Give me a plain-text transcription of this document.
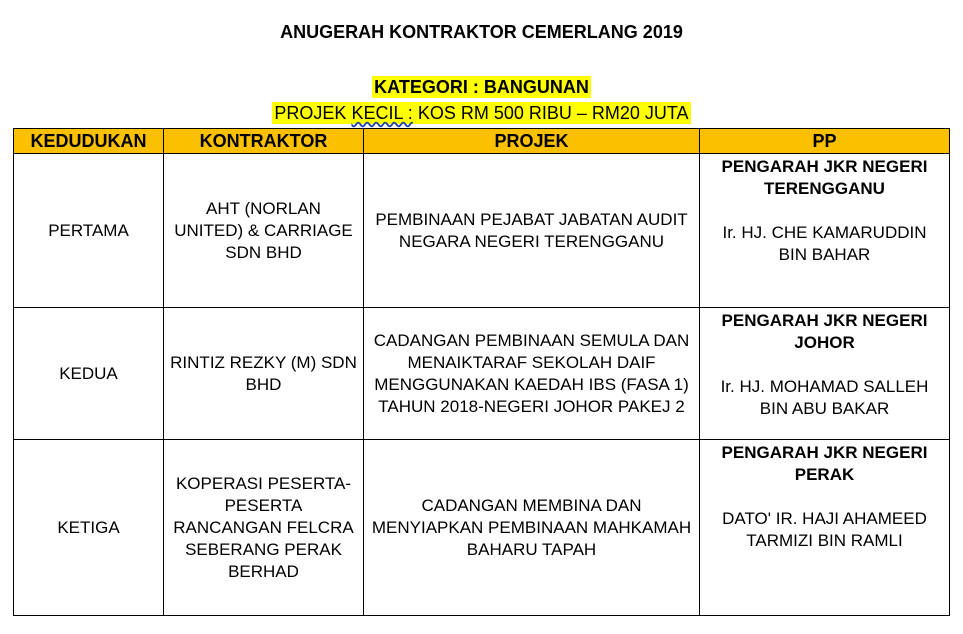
ANUGERAH KONTRAKTOR CEMERLANG 2019
KATEGORI : BANGUNAN
PROJEK KECIL : KOS RM 500 RIBU – RM20 JUTA
KEDUDUKAN	KONTRAKTOR	PROJEK	PP
PERTAMA	AHT (NORLAN UNITED) & CARRIAGE SDN BHD	PEMBINAAN PEJABAT JABATAN AUDIT NEGARA NEGERI TERENGGANU	PENGARAH JKR NEGERI TERENGGANU
Ir. HJ. CHE KAMARUDDIN BIN BAHAR

KEDUA	RINTIZ REZKY (M) SDN BHD	CADANGAN PEMBINAAN SEMULA DAN MENAIKTARAF SEKOLAH DAIF MENGGUNAKAN KAEDAH IBS (FASA 1) TAHUN 2018-NEGERI JOHOR PAKEJ 2	PENGARAH JKR NEGERI JOHOR
Ir. HJ. MOHAMAD SALLEH BIN ABU BAKAR

KETIGA	KOPERASI PESERTA-PESERTA RANCANGAN FELCRA SEBERANG PERAK BERHAD	CADANGAN MEMBINA DAN MENYIAPKAN PEMBINAAN MAHKAMAH BAHARU TAPAH	PENGARAH JKR NEGERI PERAK
DATO' IR. HAJI AHAMEED TARMIZI BIN RAMLI
